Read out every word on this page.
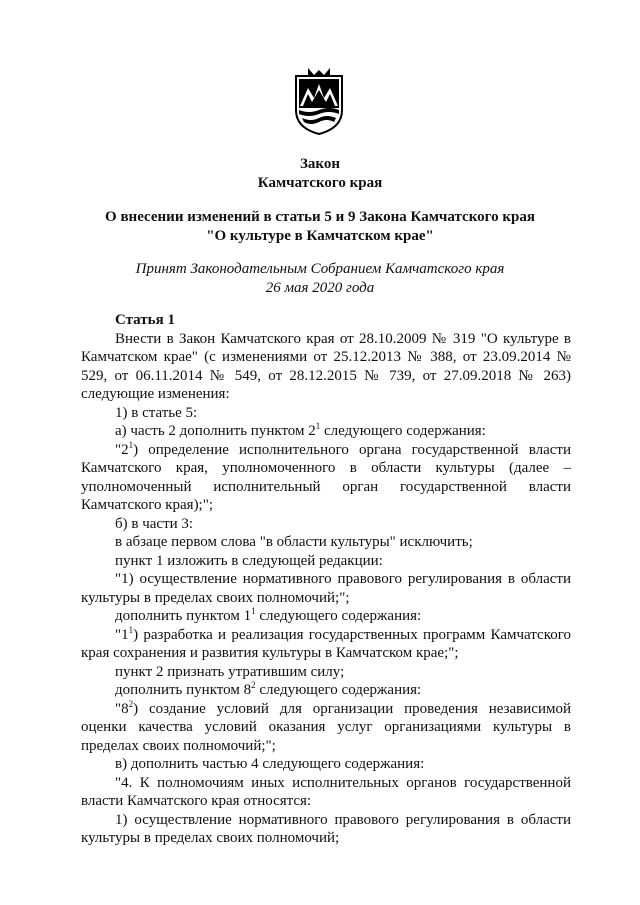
Закон
Камчатского края
О внесении изменений в статьи 5 и 9 Закона Камчатского края
"О культуре в Камчатском крае"
Принят Законодательным Собранием Камчатского края
26 мая 2020 года

Статья 1

Внести в Закон Камчатского края от 28.10.2009 № 319 "О культуре в Камчатском крае" (с изменениями от 25.12.2013 № 388, от 23.09.2014 № 529, от 06.11.2014 № 549, от 28.12.2015 № 739, от 27.09.2018 № 263) следующие изменения:

1) в статье 5:

а) часть 2 дополнить пунктом $2^1$ следующего содержания:

"$2^1$) определение исполнительного органа государственной власти Камчатского края, уполномоченного в области культуры (далее – уполномоченный исполнительный орган государственной власти Камчатского края);";

б) в части 3:

в абзаце первом слова "в области культуры" исключить;

пункт 1 изложить в следующей редакции:

"1) осуществление нормативного правового регулирования в области культуры в пределах своих полномочий;";

дополнить пунктом $1^1$ следующего содержания:

"$1^1$) разработка и реализация государственных программ Камчатского края сохранения и развития культуры в Камчатском крае;";

пункт 2 признать утратившим силу;

дополнить пунктом $8^2$ следующего содержания:

"$8^2$) создание условий для организации проведения независимой оценки качества условий оказания услуг организациями культуры в пределах своих полномочий;";

в) дополнить частью 4 следующего содержания:

"4. К полномочиям иных исполнительных органов государственной власти Камчатского края относятся:

1) осуществление нормативного правового регулирования в области культуры в пределах своих полномочий;
